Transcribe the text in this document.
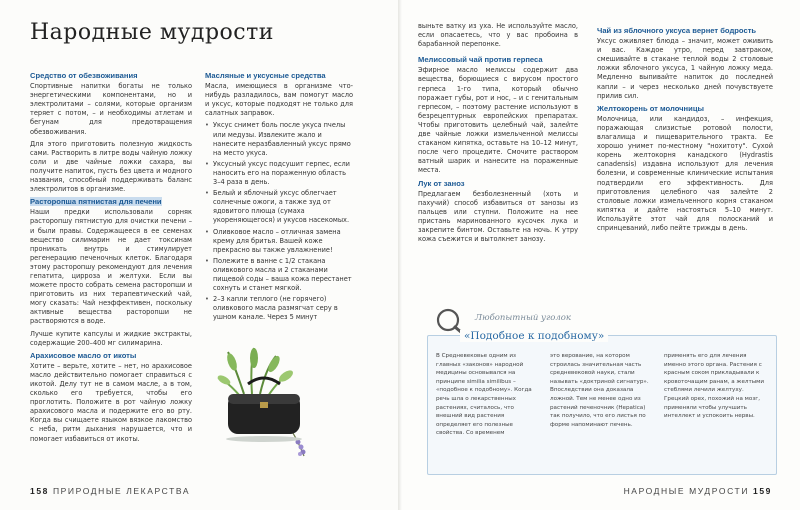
Народные мудрости
Средство от обезвоживания

Спортивные напитки богаты не только энергетическими компонентами, но и электролитами – солями, которые организм теряет с потом, – и необходимы атлетам и бегунам для предотвращения обезвоживания.

Для этого приготовить полезную жидкость сами. Растворить в литре воды чайную ложку соли и две чайные ложки сахара, вы получите напиток, пусть без цвета и модного названия, способный поддерживать баланс электролитов в организме.

Расторопша пятнистая для печени

Наши предки использовали сорняк расторопшу пятнистую для очистки печени – и были правы. Содержащееся в ее семенах вещество силимарин не дает токсинам проникать внутрь и стимулирует регенерацию печеночных клеток. Благодаря этому расторопшу рекомендуют для лечения гепатита, цирроза и желтухи. Если вы можете просто собрать семена расторопши и приготовить из них терапевтический чай, могу сказать: Чай неэффективен, поскольку активные вещества расторопши не растворяются в воде.

Лучше купите капсулы и жидкие экстракты, содержащие 200–400 мг силимарина.

Арахисовое масло от икоты

Хотите – верьте, хотите – нет, но арахисовое масло действительно помогает справиться с икотой. Делу тут не в самом масле, а в том, сколько его требуется, чтобы его проглотить. Положите в рот чайную ложку арахисового масла и подержите его во рту. Когда вы счищаете языком вязкое лакомство с неба, ритм дыхания нарушается, что и помогает избавиться от икоты.

Масляные и уксусные средства

Масла, имеющиеся в организме что-нибудь разладилось, вам помогут масло и уксус, которые подходят не только для салатных заправок.

• Уксус снимет боль после укуса пчелы или медузы. Извлеките жало и нанесите неразбавленный уксус прямо на место укуса.
• Уксусный уксус подсушит герпес, если наносить его на пораженную область 3–4 раза в день.
• Белый и яблочный уксус облегчает солнечные ожоги, а также зуд от ядовитого плюща (сумаха укореняющегося) и укусов насекомых.
• Оливковое масло – отличная замена крему для бритья. Вашей коже прекрасно вы также увлажнение!
• Полежите в ванне с 1/2 стакана оливкового масла и 2 стаканами пищевой соды – ваша кожа перестанет сохнуть и станет мягкой.
• 2–3 капли теплого (не горячего) оливкового масла размягчат серу в ушном канале. Через 5 минут

выньте ватку из уха. Не используйте масло, если опасаетесь, что у вас пробоина в барабанной перепонке.

Мелиссовый чай против герпеса

Эфирное масло мелиссы содержит два вещества, борющиеся с вирусом простого герпеса 1-го типа, который обычно поражает губы, рот и нос, – и с генитальным герпесом, – поэтому растение используют в безрецептурных европейских препаратах. Чтобы приготовить целебный чай, залейте две чайные ложки измельченной мелиссы стаканом кипятка, оставьте на 10–12 минут, после чего процедите. Смочите раствором ватный шарик и нанесите на пораженные места.

Лук от заноз

Предлагаем безболезненный (хоть и пахучий) способ избавиться от занозы из пальцев или ступни. Положите на нее пристань маринованного кусочек лука и закрепите бинтом. Оставьте на ночь. К утру кожа съежится и вытолкнет занозу.

Чай из яблочного уксуса вернет бодрость

Уксус оживляет блюда – значит, может оживить и вас. Каждое утро, перед завтраком, смешивайте в стакане теплой воды 2 столовые ложки яблочного уксуса, 1 чайную ложку меда. Медленно выпивайте напиток до последней капли – и через несколько дней почувствуете прилив сил.

Желтокорень от молочницы

Молочница, или кандидоз, – инфекция, поражающая слизистые ротовой полости, влагалища и пищеварительного тракта. Ее хорошо унимет по-местному "нохитоту". Сухой корень желтокорня канадского (Hydrastis canadensis) издавна используют для лечения болезни, и современные клинические испытания подтвердили его эффективность. Для приготовления целебного чая залейте 2 столовые ложки измельченного корня стаканом кипятка и дайте настояться 5–10 минут. Используйте этот чай для полосканий и спринцеваний, либо пейте трижды в день.

Любопытный уголок
«Подобное к подобному»
В Средневековье одним из главных «законов» народной медицины основывался на принципе similia similibus – «подобное к подобному». Когда речь шла о лекарственных растениях, считалось, что внешний вид растения определяет его полезные свойства. Со временем
это верование, на котором строилась значительная часть средневековой науки, стали называть «доктриной сигнатур». Впоследствии она доказала ложной. Тем не менее одно из растений печеночник (Hepatica) так получило, что его листья по форме напоминают печень.
применять его для лечения именно этого органа. Растения с красным соком прикладывали к кровоточащим ранам, а желтыми стеблями лечили желтуху. Грецкий орех, похожий на мозг, применяли чтобы улучшить интеллект и успокоить нервы.
158 ПРИРОДНЫЕ ЛЕКАРСТВА	НАРОДНЫЕ МУДРОСТИ 159
